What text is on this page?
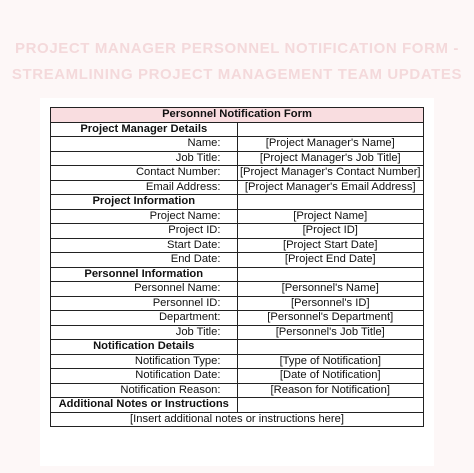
PROJECT MANAGER PERSONNEL NOTIFICATION FORM -
STREAMLINING PROJECT MANAGEMENT TEAM UPDATES
Personnel Notification Form	
Project Manager Details	
Name:	[Project Manager's Name]
Job Title:	[Project Manager's Job Title]
Contact Number:	[Project Manager's Contact Number]
Email Address:	[Project Manager's Email Address]
Project Information	
Project Name:	[Project Name]
Project ID:	[Project ID]
Start Date:	[Project Start Date]
End Date:	[Project End Date]
Personnel Information	
Personnel Name:	[Personnel's Name]
Personnel ID:	[Personnel's ID]
Department:	[Personnel's Department]
Job Title:	[Personnel's Job Title]
Notification Details	
Notification Type:	[Type of Notification]
Notification Date:	[Date of Notification]
Notification Reason:	[Reason for Notification]
Additional Notes or Instructions	
[Insert additional notes or instructions here]	
